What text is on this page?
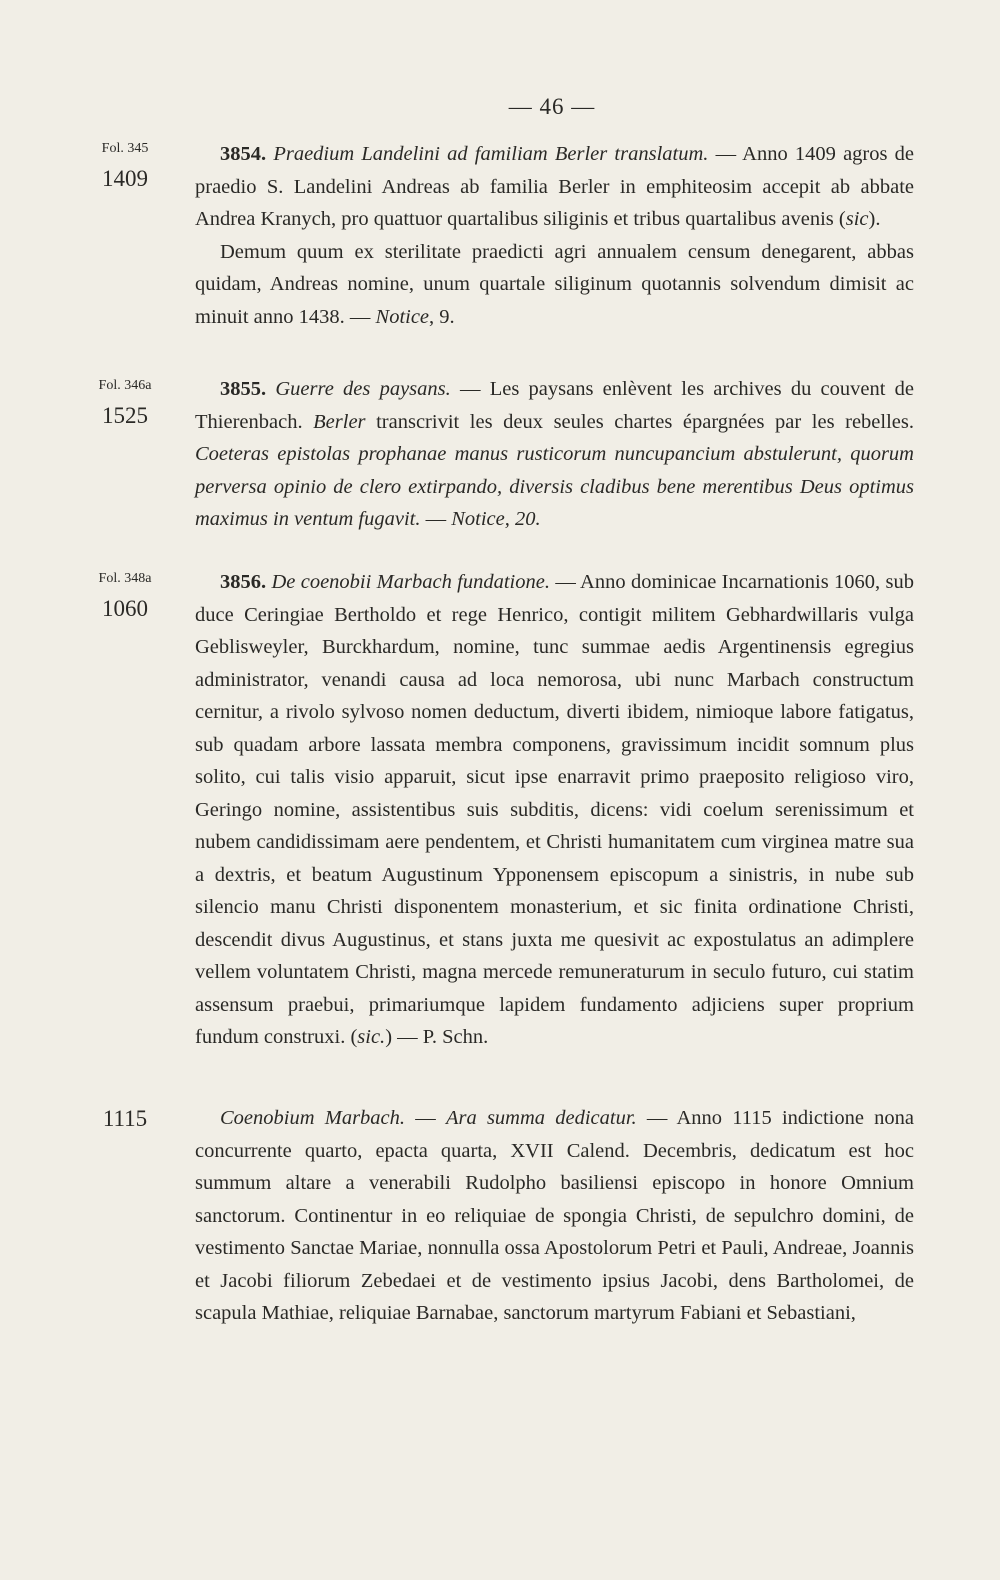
— 46 —
Fol. 345
1409
Fol. 346a
1525
Fol. 348a
1060
1115

3854. Praedium Landelini ad familiam Berler translatum. — Anno 1409 agros de praedio S. Landelini Andreas ab familia Berler in emphiteosim accepit ab abbate Andrea Kranych, pro quattuor quartalibus siliginis et tribus quartalibus avenis (sic).

Demum quum ex sterilitate praedicti agri annualem censum denegarent, abbas quidam, Andreas nomine, unum quartale siliginum quotannis solvendum dimisit ac minuit anno 1438. — Notice, 9.

3855. Guerre des paysans. — Les paysans enlèvent les archives du couvent de Thierenbach. Berler transcrivit les deux seules chartes épargnées par les rebelles. Coeteras epistolas prophanae manus rusticorum nuncupancium abstulerunt, quorum perversa opinio de clero extirpando, diversis cladibus bene merentibus Deus optimus maximus in ventum fugavit. — Notice, 20.

3856. De coenobii Marbach fundatione. — Anno dominicae Incarnationis 1060, sub duce Ceringiae Bertholdo et rege Henrico, contigit militem Gebhardwillaris vulga Geblisweyler, Burckhardum, nomine, tunc summae aedis Argentinensis egregius administrator, venandi causa ad loca nemorosa, ubi nunc Marbach constructum cernitur, a rivolo sylvoso nomen deductum, diverti ibidem, nimioque labore fatigatus, sub quadam arbore lassata membra componens, gravissimum incidit somnum plus solito, cui talis visio apparuit, sicut ipse enarravit primo praeposito religioso viro, Geringo nomine, assistentibus suis subditis, dicens: vidi coelum serenissimum et nubem candidissimam aere pendentem, et Christi humanitatem cum virginea matre sua a dextris, et beatum Augustinum Ypponensem episcopum a sinistris, in nube sub silencio manu Christi disponentem monasterium, et sic finita ordinatione Christi, descendit divus Augustinus, et stans juxta me quesivit ac expostulatus an adimplere vellem voluntatem Christi, magna mercede remuneraturum in seculo futuro, cui statim assensum praebui, primariumque lapidem fundamento adjiciens super proprium fundum construxi. (sic.) — P. Schn.

Coenobium Marbach. — Ara summa dedicatur. — Anno 1115 indictione nona concurrente quarto, epacta quarta, XVII Calend. Decembris, dedicatum est hoc summum altare a venerabili Rudolpho basiliensi episcopo in honore Omnium sanctorum. Continentur in eo reliquiae de spongia Christi, de sepulchro domini, de vestimento Sanctae Mariae, nonnulla ossa Apostolorum Petri et Pauli, Andreae, Joannis et Jacobi filiorum Zebedaei et de vestimento ipsius Jacobi, dens Bartholomei, de scapula Mathiae, reliquiae Barnabae, sanctorum martyrum Fabiani et Sebastiani,
